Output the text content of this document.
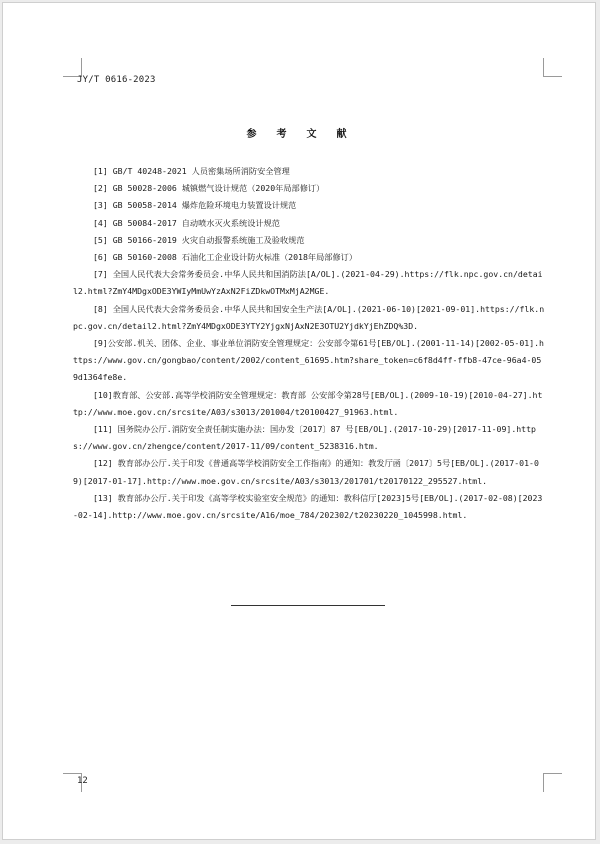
JY/T 0616-2023
参 考 文 献

[1] GB/T 40248-2021 人员密集场所消防安全管理

[2] GB 50028-2006 城镇燃气设计规范（2020年局部修订）

[3] GB 50058-2014 爆炸危险环境电力装置设计规范

[4] GB 50084-2017 自动喷水灭火系统设计规范

[5] GB 50166-2019 火灾自动报警系统施工及验收规范

[6] GB 50160-2008 石油化工企业设计防火标准（2018年局部修订）

[7] 全国人民代表大会常务委员会.中华人民共和国消防法[A/OL].(2021-04-29).https://flk.npc.gov.cn/detail2.html?ZmY4MDgxODE3YWIyMmUwYzAxN2FiZDkwOTMxMjA2MGE.

[8] 全国人民代表大会常务委员会.中华人民共和国安全生产法[A/OL].(2021-06-10)[2021-09-01].https://flk.npc.gov.cn/detail2.html?ZmY4MDgxODE3YTY2YjgxNjAxN2E3OTU2YjdkYjEhZDQ%3D.

[9]公安部.机关、团体、企业、事业单位消防安全管理规定：公安部令第61号[EB/OL].(2001-11-14)[2002-05-01].https://www.gov.cn/gongbao/content/2002/content_61695.htm?share_token=c6f8d4ff-ffb8-47ce-96a4-059d1364fe8e.

[10]教育部、公安部.高等学校消防安全管理规定：教育部 公安部令第28号[EB/OL].(2009-10-19)[2010-04-27].http://www.moe.gov.cn/srcsite/A03/s3013/201004/t20100427_91963.html.

[11] 国务院办公厅.消防安全责任制实施办法：国办发〔2017〕87 号[EB/OL].(2017-10-29)[2017-11-09].https://www.gov.cn/zhengce/content/2017-11/09/content_5238316.htm.

[12] 教育部办公厅.关于印发《普通高等学校消防安全工作指南》的通知：教发厅函〔2017〕5号[EB/OL].(2017-01-09)[2017-01-17].http://www.moe.gov.cn/srcsite/A03/s3013/201701/t20170122_295527.html.

[13] 教育部办公厅.关于印发《高等学校实验室安全规范》的通知：教科信厅[2023]5号[EB/OL].(2017-02-08)[2023-02-14].http://www.moe.gov.cn/srcsite/A16/moe_784/202302/t20230220_1045998.html.

12
